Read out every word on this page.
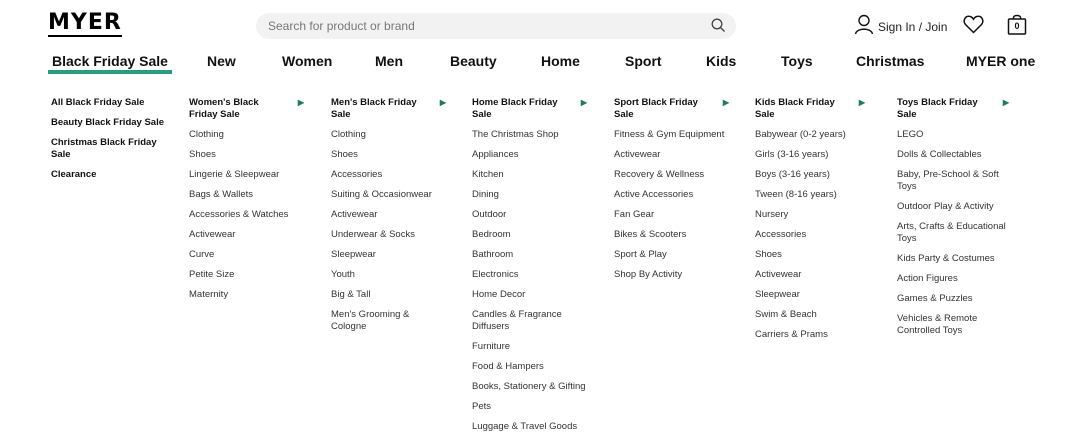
MYER
Search for product or brand	Sign In / Join	0
Black Friday Sale	New	Women	Men	Beauty	Home	Sport	Kids	Toys	Christmas	MYER one
All Black Friday Sale
Beauty Black Friday Sale
Christmas Black Friday Sale
Clearance
Women's Black Friday Sale
▶
Clothing
Shoes
Lingerie & Sleepwear
Bags & Wallets
Accessories & Watches
Activewear
Curve
Petite Size
Maternity
Men's Black Friday Sale
▶
Clothing
Shoes
Accessories
Suiting & Occasionwear
Activewear
Underwear & Socks
Sleepwear
Youth
Big & Tall
Men's Grooming & Cologne
Home Black Friday Sale
▶
The Christmas Shop
Appliances
Kitchen
Dining
Outdoor
Bedroom
Bathroom
Electronics
Home Decor
Candles & Fragrance Diffusers
Furniture
Food & Hampers
Books, Stationery & Gifting
Pets
Luggage & Travel Goods
Sport Black Friday Sale
▶
Fitness & Gym Equipment
Activewear
Recovery & Wellness
Active Accessories
Fan Gear
Bikes & Scooters
Sport & Play
Shop By Activity
Kids Black Friday Sale
▶
Babywear (0-2 years)
Girls (3-16 years)
Boys (3-16 years)
Tween (8-16 years)
Nursery
Accessories
Shoes
Activewear
Sleepwear
Swim & Beach
Carriers & Prams
Toys Black Friday Sale
▶
LEGO
Dolls & Collectables
Baby, Pre-School & Soft Toys
Outdoor Play & Activity
Arts, Crafts & Educational Toys
Kids Party & Costumes
Action Figures
Games & Puzzles
Vehicles & Remote Controlled Toys
